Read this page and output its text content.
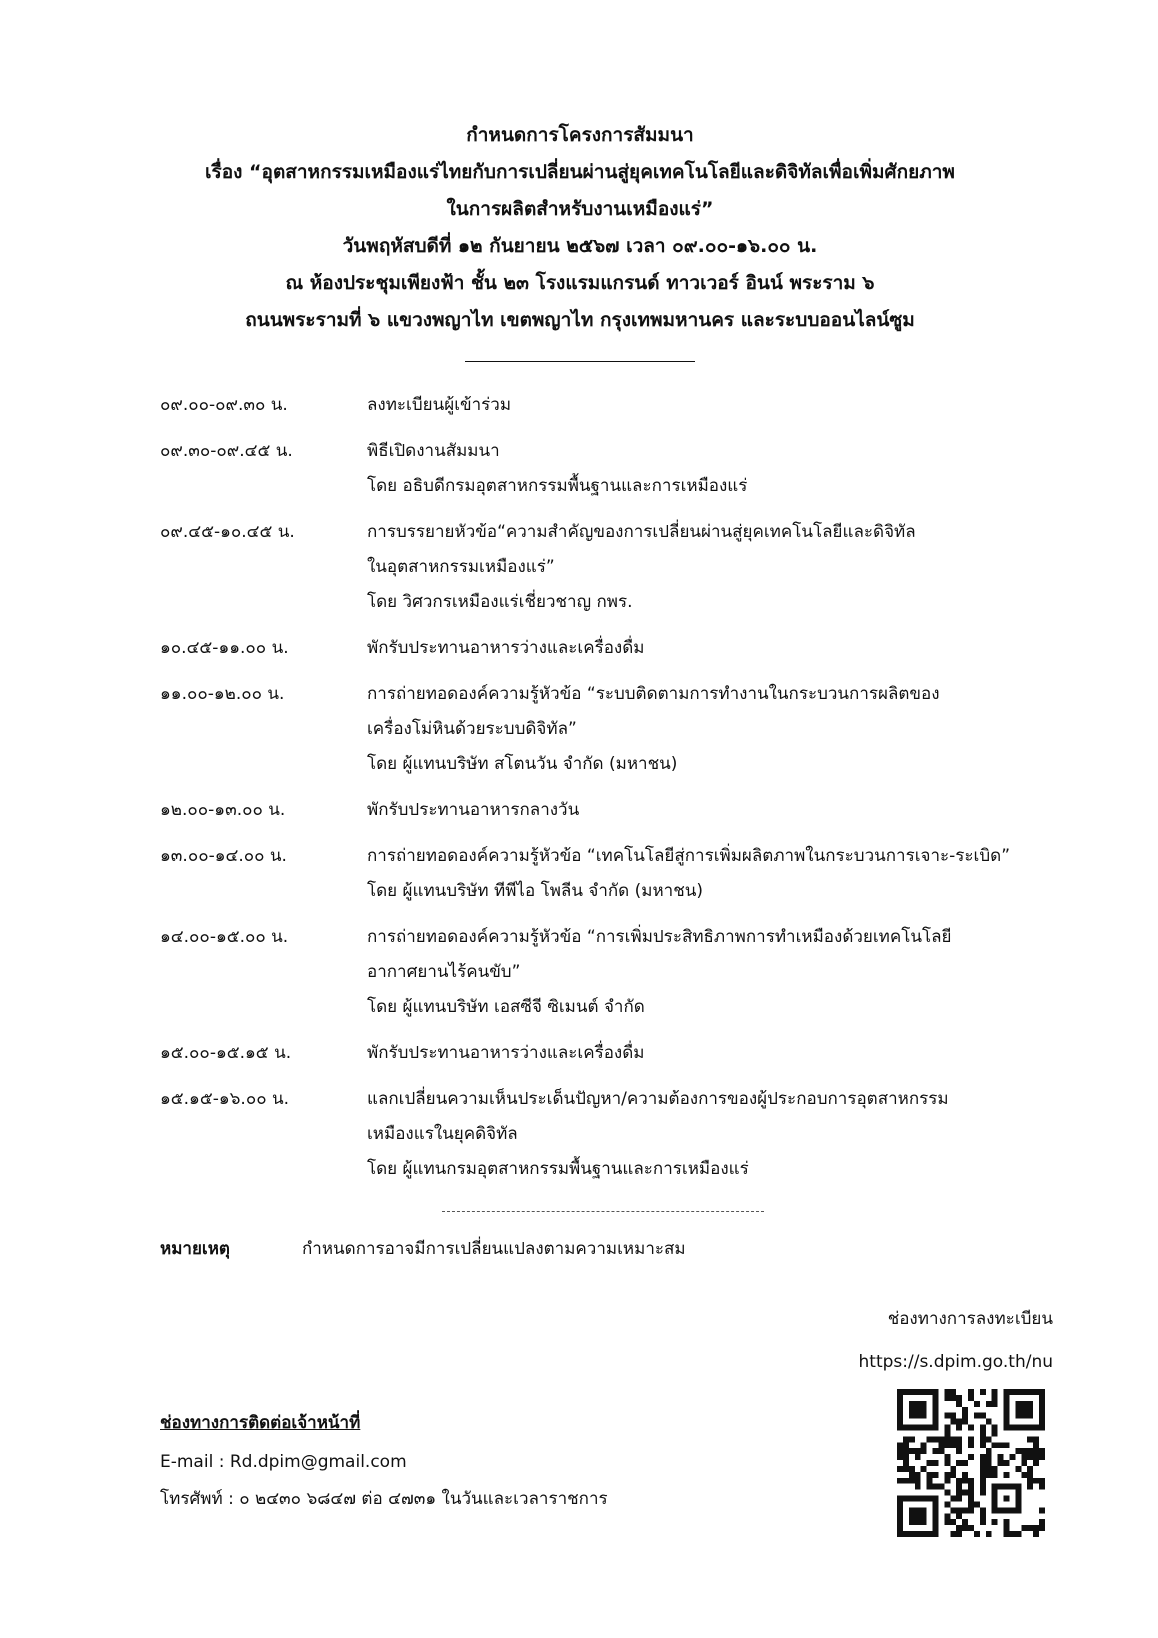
กำหนดการโครงการสัมมนา
เรื่อง “อุตสาหกรรมเหมืองแร่ไทยกับการเปลี่ยนผ่านสู่ยุคเทคโนโลยีและดิจิทัลเพื่อเพิ่มศักยภาพ
ในการผลิตสำหรับงานเหมืองแร่”
วันพฤหัสบดีที่ ๑๒ กันยายน ๒๕๖๗ เวลา ๐๙.๐๐-๑๖.๐๐ น.
ณ ห้องประชุมเพียงฟ้า ชั้น ๒๓ โรงแรมแกรนด์ ทาวเวอร์ อินน์ พระราม ๖
ถนนพระรามที่ ๖ แขวงพญาไท เขตพญาไท กรุงเทพมหานคร และระบบออนไลน์ซูม
๐๙.๐๐-๐๙.๓๐ น.	ลงทะเบียนผู้เข้าร่วม
๐๙.๓๐-๐๙.๔๕ น.	พิธีเปิดงานสัมมนา
โดย อธิบดีกรมอุตสาหกรรมพื้นฐานและการเหมืองแร่
๐๙.๔๕-๑๐.๔๕ น.	การบรรยายหัวข้อ“ความสำคัญของการเปลี่ยนผ่านสู่ยุคเทคโนโลยีและดิจิทัล
ในอุตสาหกรรมเหมืองแร่”
โดย วิศวกรเหมืองแร่เชี่ยวชาญ กพร.
๑๐.๔๕-๑๑.๐๐ น.	พักรับประทานอาหารว่างและเครื่องดื่ม
๑๑.๐๐-๑๒.๐๐ น.	การถ่ายทอดองค์ความรู้หัวข้อ “ระบบติดตามการทำงานในกระบวนการผลิตของ
เครื่องโม่หินด้วยระบบดิจิทัล”
โดย ผู้แทนบริษัท สโตนวัน จำกัด (มหาชน)
๑๒.๐๐-๑๓.๐๐ น.	พักรับประทานอาหารกลางวัน
๑๓.๐๐-๑๔.๐๐ น.	การถ่ายทอดองค์ความรู้หัวข้อ “เทคโนโลยีสู่การเพิ่มผลิตภาพในกระบวนการเจาะ-ระเบิด”
โดย ผู้แทนบริษัท ทีพีไอ โพลีน จำกัด (มหาชน)
๑๔.๐๐-๑๕.๐๐ น.	การถ่ายทอดองค์ความรู้หัวข้อ “การเพิ่มประสิทธิภาพการทำเหมืองด้วยเทคโนโลยี
อากาศยานไร้คนขับ”
โดย ผู้แทนบริษัท เอสซีจี ซิเมนต์ จำกัด
๑๕.๐๐-๑๕.๑๕ น.	พักรับประทานอาหารว่างและเครื่องดื่ม
๑๕.๑๕-๑๖.๐๐ น.	แลกเปลี่ยนความเห็นประเด็นปัญหา/ความต้องการของผู้ประกอบการอุตสาหกรรม
เหมืองแรในยุคดิจิทัล
โดย ผู้แทนกรมอุตสาหกรรมพื้นฐานและการเหมืองแร่
หมายเหตุ	กำหนดการอาจมีการเปลี่ยนแปลงตามความเหมาะสม
ช่องทางการลงทะเบียน
https://s.dpim.go.th/nu
ช่องทางการติดต่อเจ้าหน้าที่
E-mail : Rd.dpim@gmail.com
โทรศัพท์ : ๐ ๒๔๓๐ ๖๘๔๗ ต่อ ๔๗๓๑ ในวันและเวลาราชการ
